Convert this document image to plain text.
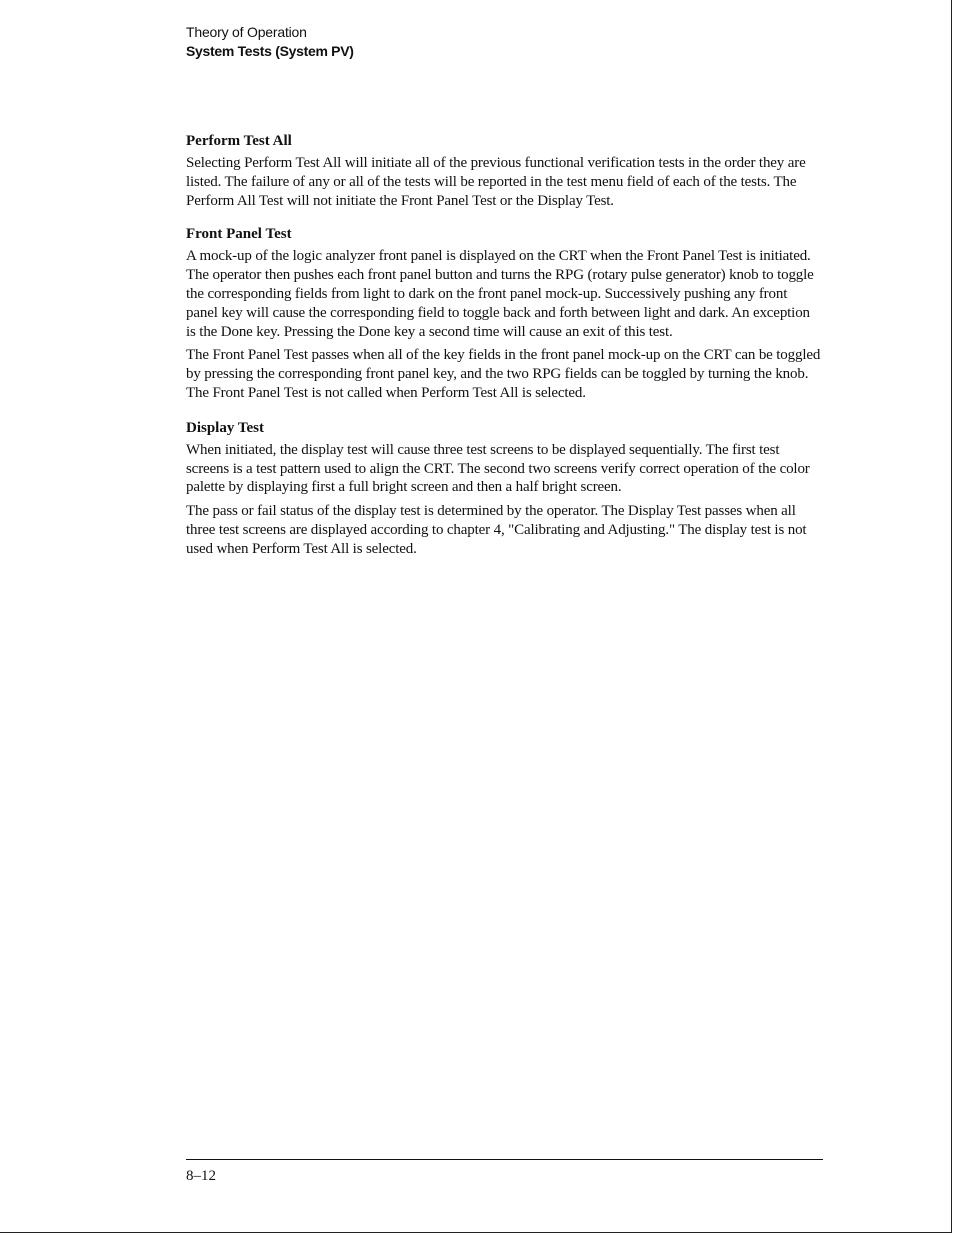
Theory of Operation
System Tests (System PV)
Perform Test All

Selecting Perform Test All will initiate all of the previous functional verification tests in the order they are listed. The failure of any or all of the tests will be reported in the test menu field of each of the tests. The Perform All Test will not initiate the Front Panel Test or the Display Test.

Front Panel Test

A mock-up of the logic analyzer front panel is displayed on the CRT when the Front Panel Test is initiated. The operator then pushes each front panel button and turns the RPG (rotary pulse generator) knob to toggle the corresponding fields from light to dark on the front panel mock-up. Successively pushing any front panel key will cause the corresponding field to toggle back and forth between light and dark. An exception is the Done key. Pressing the Done key a second time will cause an exit of this test.

The Front Panel Test passes when all of the key fields in the front panel mock-up on the CRT can be toggled by pressing the corresponding front panel key, and the two RPG fields can be toggled by turning the knob. The Front Panel Test is not called when Perform Test All is selected.

Display Test

When initiated, the display test will cause three test screens to be displayed sequentially. The first test screens is a test pattern used to align the CRT. The second two screens verify correct operation of the color palette by displaying first a full bright screen and then a half bright screen.

The pass or fail status of the display test is determined by the operator. The Display Test passes when all three test screens are displayed according to chapter 4, "Calibrating and Adjusting." The display test is not used when Perform Test All is selected.

8–12
